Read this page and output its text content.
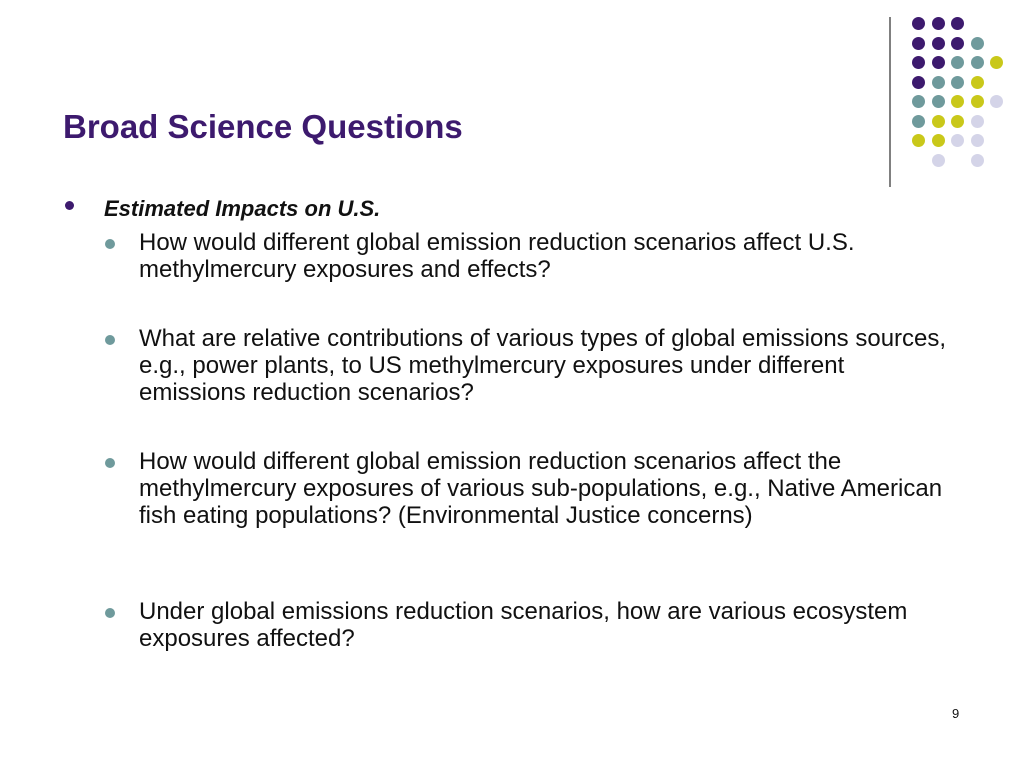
Broad Science Questions
Estimated Impacts on U.S.
How would different global emission reduction scenarios affect U.S. methylmercury exposures and effects?
What are relative contributions of various types of global emissions sources, e.g., power plants, to US methylmercury exposures under different emissions reduction scenarios?
How would different global emission reduction scenarios affect the methylmercury exposures of various sub-populations, e.g., Native American fish eating populations? (Environmental Justice concerns)
Under global emissions reduction scenarios, how are various ecosystem exposures affected?
9
